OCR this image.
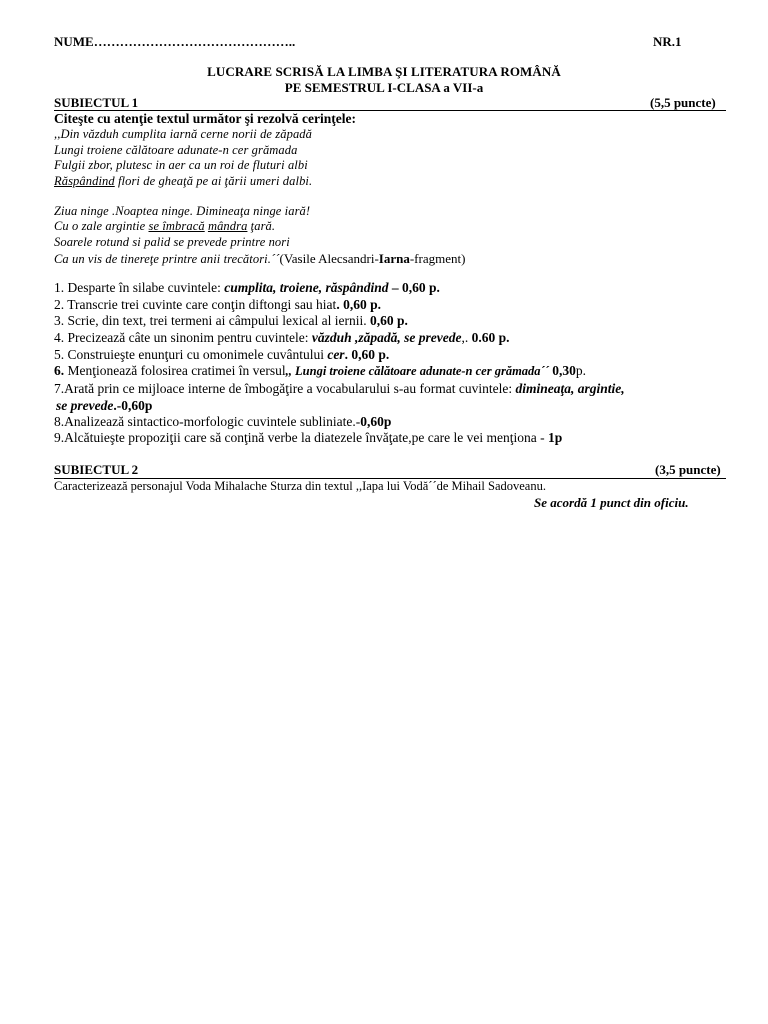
NUME………………………………………..	NR.1
LUCRARE SCRISĂ LA LIMBA ŞI LITERATURA ROMÂNĂ
PE SEMESTRUL I-CLASA a VII-a
SUBIECTUL 1	(5,5 puncte)
Citeşte cu atenţie textul următor şi rezolvă cerinţele:
,,Din văzduh cumplita iarnă cerne norii de zăpadă
Lungi troiene călătoare adunate-n cer grămada
Fulgii zbor, plutesc in aer ca un roi de fluturi albi
Răspândind flori de gheaţă pe ai ţării umeri dalbi.
Ziua ninge .Noaptea ninge. Dimineaţa ninge iară!
Cu o zale argintie se îmbracă mândra ţară.
Soarele rotund si palid se prevede printre nori
Ca un vis de tinereţe printre anii trecători.´´(Vasile Alecsandri-Iarna-fragment)
1. Desparte în silabe cuvintele: cumplita, troiene, răspândind – 0,60 p.
2. Transcrie trei cuvinte care conţin diftongi sau hiat. 0,60 p.
3. Scrie, din text, trei termeni ai câmpului lexical al iernii. 0,60 p.
4. Precizează câte un sinonim pentru cuvintele: văzduh ,zăpadă, se prevede,. 0.60 p.
5. Construieşte enunţuri cu omonimele cuvântului cer. 0,60 p.
6. Menţionează folosirea cratimei în versul,, Lungi troiene călătoare adunate-n cer grămada´´ 0,30p.
7.Arată prin ce mijloace interne de îmbogăţire a vocabularului s-au format cuvintele: dimineaţa, argintie,
se prevede.-0,60p
8.Analizează sintactico-morfologic cuvintele subliniate.-0,60p
9.Alcătuieşte propoziţii care să conţină verbe la diatezele învăţate,pe care le vei menţiona - 1p
SUBIECTUL 2	(3,5 puncte)
Caracterizează personajul Voda Mihalache Sturza din textul ,,Iapa lui Vodă´´de Mihail Sadoveanu.
Se acordă 1 punct din oficiu.
